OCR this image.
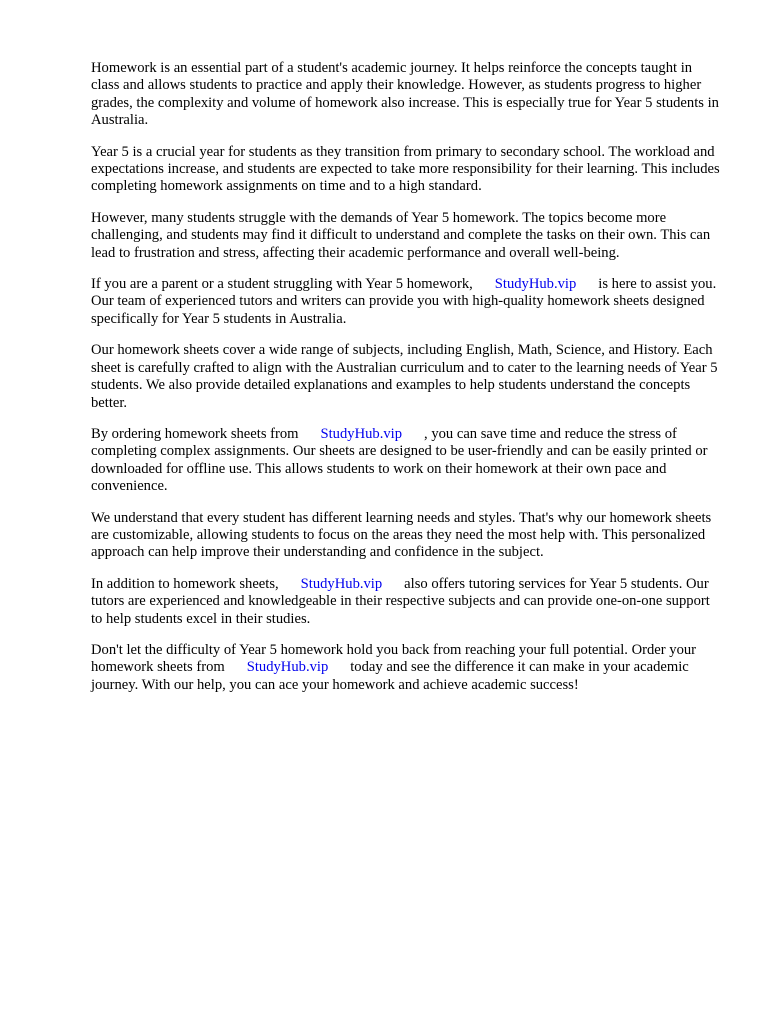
Homework is an essential part of a student's academic journey. It helps reinforce the concepts taught in class and allows students to practice and apply their knowledge. However, as students progress to higher grades, the complexity and volume of homework also increase. This is especially true for Year 5 students in Australia.

Year 5 is a crucial year for students as they transition from primary to secondary school. The workload and expectations increase, and students are expected to take more responsibility for their learning. This includes completing homework assignments on time and to a high standard.

However, many students struggle with the demands of Year 5 homework. The topics become more challenging, and students may find it difficult to understand and complete the tasks on their own. This can lead to frustration and stress, affecting their academic performance and overall well-being.

If you are a parent or a student struggling with Year 5 homework, StudyHub.vip is here to assist you. Our team of experienced tutors and writers can provide you with high-quality homework sheets designed specifically for Year 5 students in Australia.

Our homework sheets cover a wide range of subjects, including English, Math, Science, and History. Each sheet is carefully crafted to align with the Australian curriculum and to cater to the learning needs of Year 5 students. We also provide detailed explanations and examples to help students understand the concepts better.

By ordering homework sheets from StudyHub.vip , you can save time and reduce the stress of completing complex assignments. Our sheets are designed to be user-friendly and can be easily printed or downloaded for offline use. This allows students to work on their homework at their own pace and convenience.

We understand that every student has different learning needs and styles. That's why our homework sheets are customizable, allowing students to focus on the areas they need the most help with. This personalized approach can help improve their understanding and confidence in the subject.

In addition to homework sheets, StudyHub.vip also offers tutoring services for Year 5 students. Our tutors are experienced and knowledgeable in their respective subjects and can provide one-on-one support to help students excel in their studies.

Don't let the difficulty of Year 5 homework hold you back from reaching your full potential. Order your homework sheets from StudyHub.vip today and see the difference it can make in your academic journey. With our help, you can ace your homework and achieve academic success!
